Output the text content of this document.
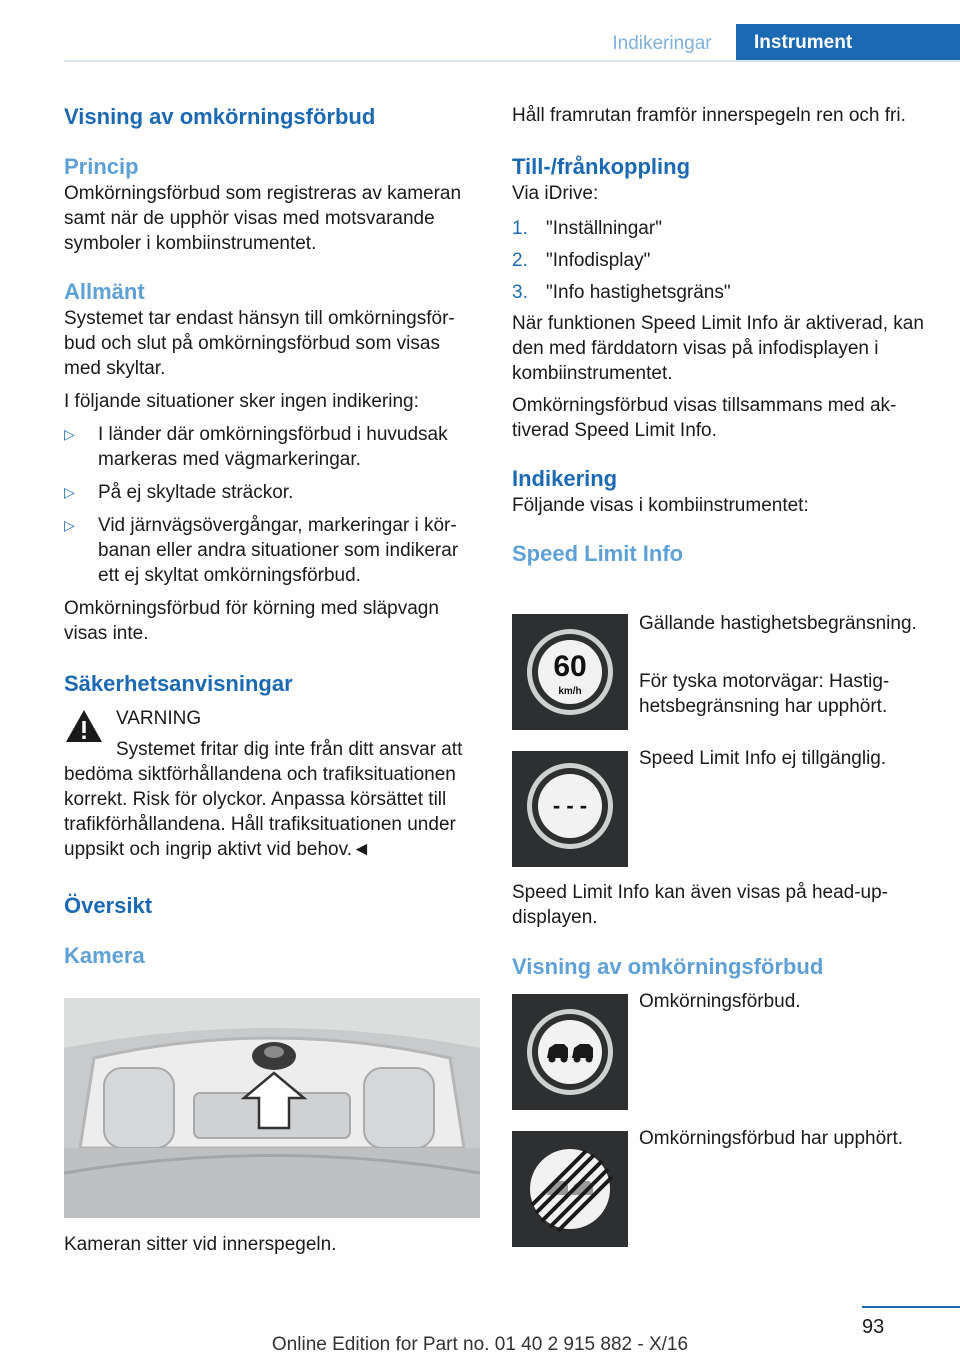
Indikeringar	Instrument
Visning av omkörningsförbud
Princip

Omkörningsförbud som registreras av kameran samt när de upphör visas med motsvarande symboler i kombiinstrumentet.

Allmänt

Systemet tar endast hänsyn till omkörningsförbud och slut på omkörningsförbud som visas med skyltar.

I följande situationer sker ingen indikering:

▷ I länder där omkörningsförbud i huvudsak markeras med vägmarkeringar.

▷ På ej skyltade sträckor.

▷ Vid järnvägsövergångar, markeringar i körbanan eller andra situationer som indikerar ett ej skyltat omkörningsförbud.

Omkörningsförbud för körning med släpvagn visas inte.

Säkerhetsanvisningar

VARNING

Systemet fritar dig inte från ditt ansvar att

bedöma siktförhållandena och trafiksituationen korrekt. Risk för olyckor. Anpassa körsättet till trafikförhållandena. Håll trafiksituationen under uppsikt och ingrip aktivt vid behov.◄

Översikt
Kamera

Kameran sitter vid innerspegeln.

Håll framrutan framför innerspegeln ren och fri.

Till-/frånkoppling

Via iDrive:

1. "Inställningar"

2. "Infodisplay"

3. "Info hastighetsgräns"

När funktionen Speed Limit Info är aktiverad, kan den med färddatorn visas på infodisplayen i kombiinstrumentet.

Omkörningsförbud visas tillsammans med aktiverad Speed Limit Info.

Indikering

Följande visas i kombiinstrumentet:

Speed Limit Info
60
km/h

Gällande hastighetsbegränsning.

För tyska motorvägar: Hastighetsbegränsning har upphört.

- - -

Speed Limit Info ej tillgänglig.

Speed Limit Info kan även visas på head-up-displayen.

Visning av omkörningsförbud

Omkörningsförbud.

Omkörningsförbud har upphört.

93
Online Edition for Part no. 01 40 2 915 882 - X/16
